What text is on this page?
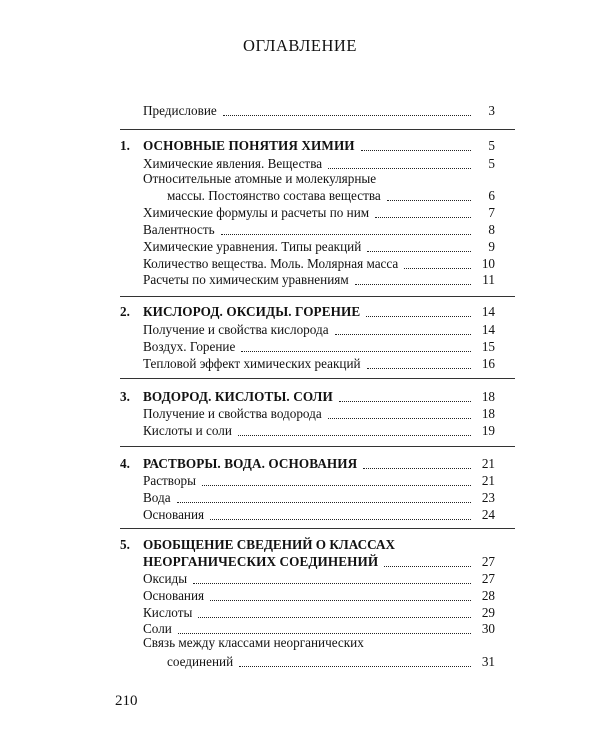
ОГЛАВЛЕНИЕ
Предисловие	3
1. ОСНОВНЫЕ ПОНЯТИЯ ХИМИИ	5
Химические явления. Вещества	5
Относительные атомные и молекулярные
массы. Постоянство состава вещества	6
Химические формулы и расчеты по ним	7
Валентность	8
Химические уравнения. Типы реакций	9
Количество вещества. Моль. Молярная масса	10
Расчеты по химическим уравнениям	11
2. КИСЛОРОД. ОКСИДЫ. ГОРЕНИЕ	14
Получение и свойства кислорода	14
Воздух. Горение	15
Тепловой эффект химических реакций	16
3. ВОДОРОД. КИСЛОТЫ. СОЛИ	18
Получение и свойства водорода	18
Кислоты и соли	19
4. РАСТВОРЫ. ВОДА. ОСНОВАНИЯ	21
Растворы	21
Вода	23
Основания	24
5. ОБОБЩЕНИЕ СВЕДЕНИЙ О КЛАССАХ
НЕОРГАНИЧЕСКИХ СОЕДИНЕНИЙ	27
Оксиды	27
Основания	28
Кислоты	29
Соли	30
Связь между классами неорганических
соединений	31
210
